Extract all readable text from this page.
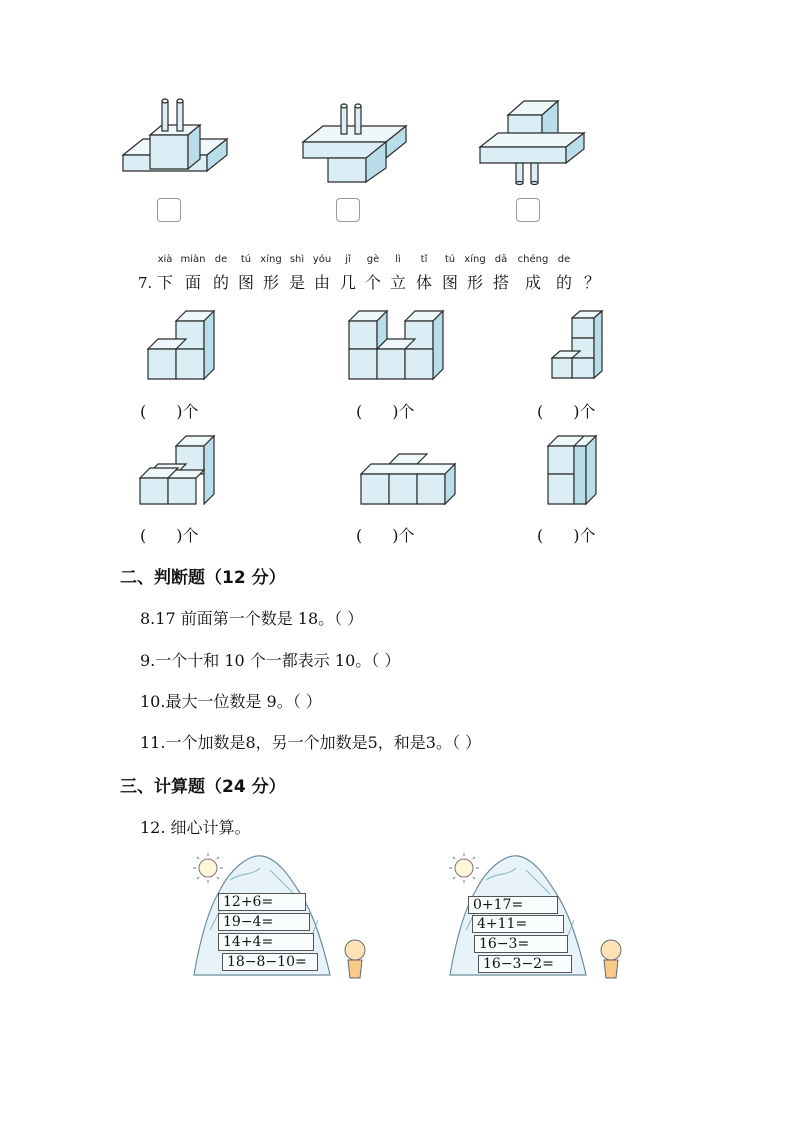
xià miàn de tú xíng shì yóu jǐ gè lì tǐ tú xíng dā chéng de
7. 下 面 的 图 形 是 由 几 个 立 体 图 形 搭 成 的 ？
( )个	( )个	( )个
( )个	( )个	( )个
二、判断题（12 分）
8.17 前面第一个数是 18。（ ）
9.一个十和 10 个一都表示 10。（ ）
10.最大一位数是 9。（ ）
11.一个加数是8，另一个加数是5，和是3。（ ）
三、计算题（24 分）
12. 细心计算。
12+6=
19−4=
14+4=
18−8−10=
0+17=
4+11=
16−3=
16−3−2=
